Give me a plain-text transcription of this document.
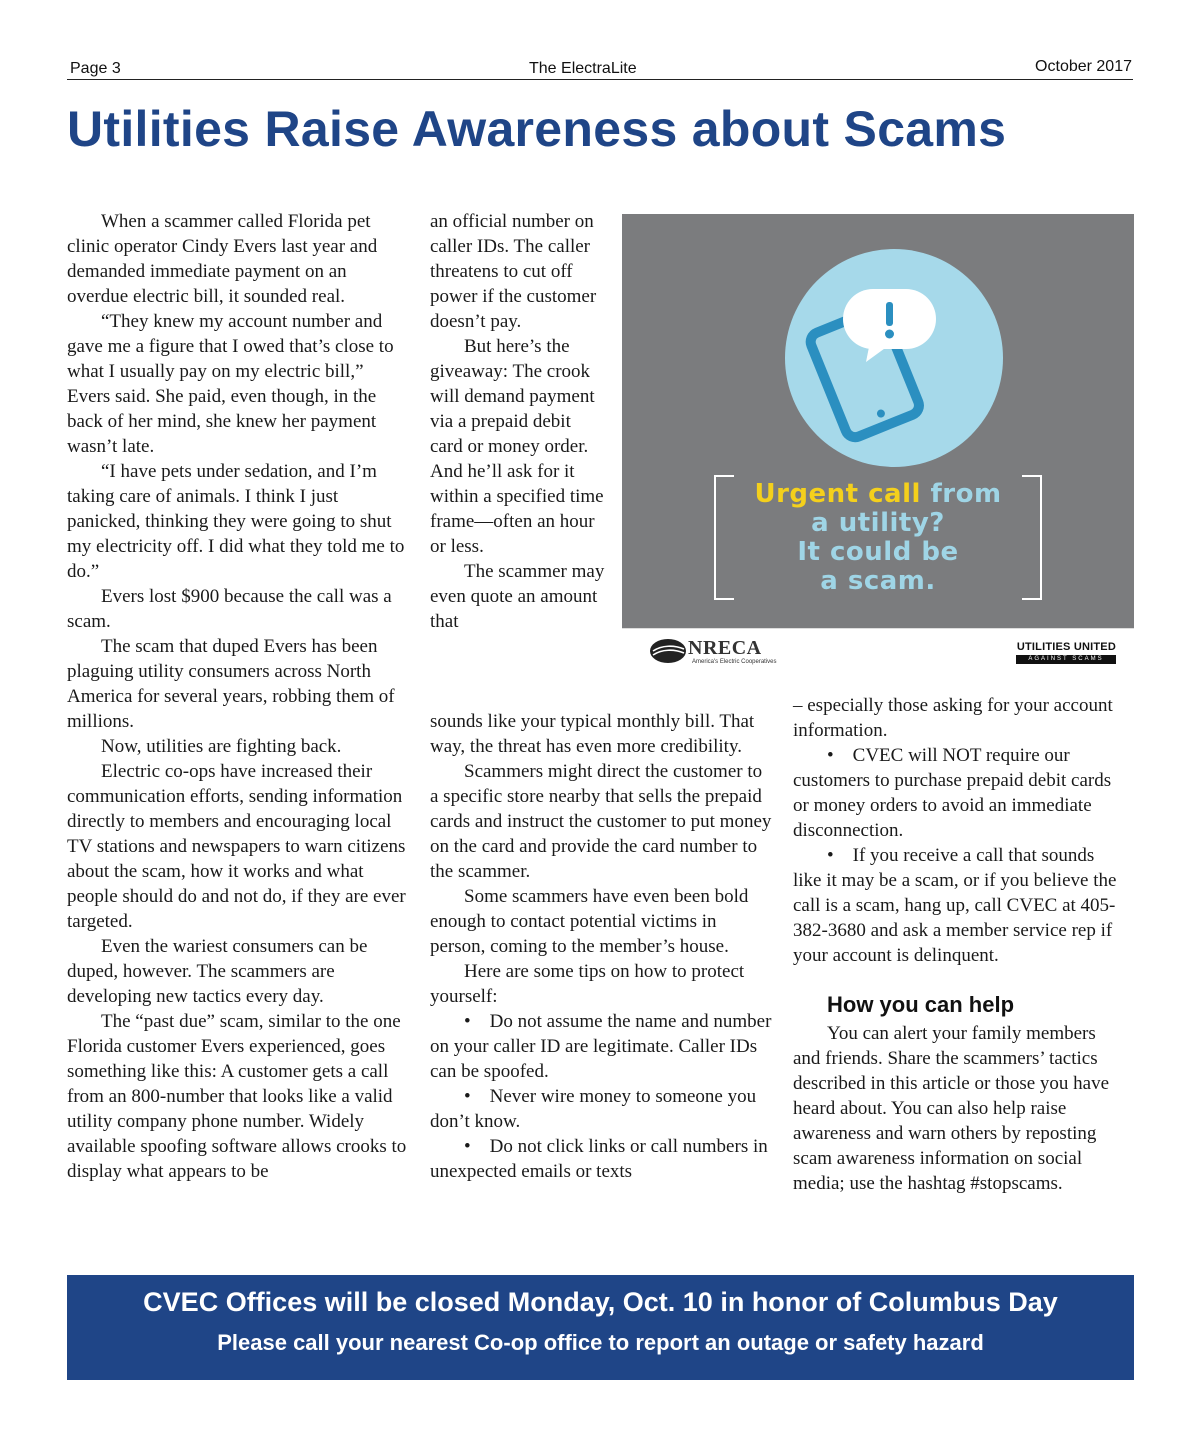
Page 3	The ElectraLite	October 2017
Utilities Raise Awareness about Scams

When a scammer called Florida pet clinic operator Cindy Evers last year and demanded immediate payment on an overdue electric bill, it sounded real.

“They knew my account number and gave me a figure that I owed that’s close to what I usually pay on my electric bill,” Evers said. She paid, even though, in the back of her mind, she knew her payment wasn’t late.

“I have pets under sedation, and I’m taking care of animals. I think I just panicked, thinking they were going to shut my electricity off. I did what they told me to do.”

Evers lost $900 because the call was a scam.

The scam that duped Evers has been plaguing utility consumers across North America for several years, robbing them of millions.

Now, utilities are fighting back.

Electric co-ops have increased their communication efforts, sending information directly to members and encouraging local TV stations and newspapers to warn citizens about the scam, how it works and what people should do and not do, if they are ever targeted.

Even the wariest consumers can be duped, however. The scammers are developing new tactics every day.

The “past due” scam, similar to the one Florida customer Evers experienced, goes something like this: A customer gets a call from an 800-number that looks like a valid utility company phone number. Widely available spoofing software allows crooks to display what appears to be

an official number on caller IDs. The caller threatens to cut off power if the customer doesn’t pay.

But here’s the giveaway: The crook will demand payment via a prepaid debit card or money order. And he’ll ask for it within a specified time frame—often an hour or less.

The scammer may even quote an amount that

sounds like your typical monthly bill. That way, the threat has even more credibility.

Scammers might direct the customer to a specific store nearby that sells the prepaid cards and instruct the customer to put money on the card and provide the card number to the scammer.

Some scammers have even been bold enough to contact potential victims in person, coming to the member’s house.

Here are some tips on how to protect yourself:

•    Do not assume the name and number on your caller ID are legitimate. Caller IDs can be spoofed.

•    Never wire money to someone you don’t know.

•    Do not click links or call numbers in unexpected emails or texts

– especially those asking for your account information.

•    CVEC will NOT require our customers to purchase prepaid debit cards or money orders to avoid an immediate disconnection.

•    If you receive a call that sounds like it may be a scam, or if you believe the call is a scam, hang up, call CVEC at 405-382-3680 and ask a member service rep if your account is delinquent.

How you can help

You can alert your family members and friends. Share the scammers’ tactics described in this article or those you have heard about. You can also help raise awareness and warn others by reposting scam awareness information on social media; use the hashtag #stopscams.

Urgent call from
a utility?
It could be
a scam.
NRECA
America's Electric Cooperatives
UTILITIES UNITED
AGAINST SCAMS
CVEC Offices will be closed Monday, Oct. 10 in honor of Columbus Day
Please call your nearest Co-op office to report an outage or safety hazard
